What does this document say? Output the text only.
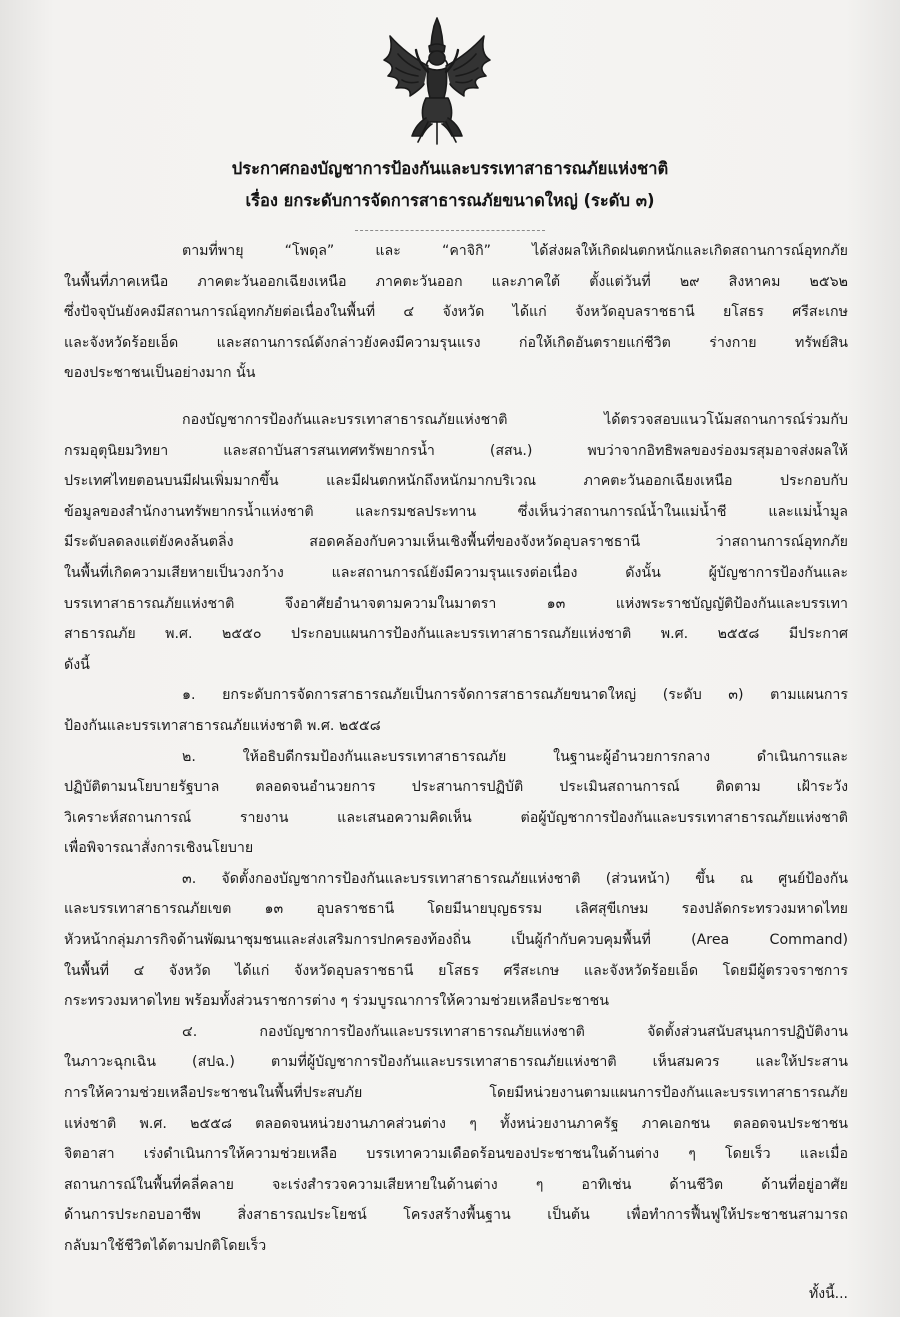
ประกาศกองบัญชาการป้องกันและบรรเทาสาธารณภัยแห่งชาติ
เรื่อง ยกระดับการจัดการสาธารณภัยขนาดใหญ่ (ระดับ ๓)
ตามที่พายุ “โพดุล” และ “คาจิกิ” ได้ส่งผลให้เกิดฝนตกหนักและเกิดสถานการณ์อุทกภัย
ในพื้นที่ภาคเหนือ ภาคตะวันออกเฉียงเหนือ ภาคตะวันออก และภาคใต้ ตั้งแต่วันที่ ๒๙ สิงหาคม ๒๕๖๒
ซึ่งปัจจุบันยังคงมีสถานการณ์อุทกภัยต่อเนื่องในพื้นที่ ๔ จังหวัด ได้แก่ จังหวัดอุบลราชธานี ยโสธร ศรีสะเกษ
และจังหวัดร้อยเอ็ด และสถานการณ์ดังกล่าวยังคงมีความรุนแรง ก่อให้เกิดอันตรายแก่ชีวิต ร่างกาย ทรัพย์สิน
ของประชาชนเป็นอย่างมาก นั้น
กองบัญชาการป้องกันและบรรเทาสาธารณภัยแห่งชาติ ได้ตรวจสอบแนวโน้มสถานการณ์ร่วมกับ
กรมอุตุนิยมวิทยา และสถาบันสารสนเทศทรัพยากรน้ำ (สสน.) พบว่าจากอิทธิพลของร่องมรสุมอาจส่งผลให้
ประเทศไทยตอนบนมีฝนเพิ่มมากขึ้น และมีฝนตกหนักถึงหนักมากบริเวณ ภาคตะวันออกเฉียงเหนือ ประกอบกับ
ข้อมูลของสำนักงานทรัพยากรน้ำแห่งชาติ และกรมชลประทาน ซึ่งเห็นว่าสถานการณ์น้ำในแม่น้ำชี และแม่น้ำมูล
มีระดับลดลงแต่ยังคงล้นตลิ่ง สอดคล้องกับความเห็นเชิงพื้นที่ของจังหวัดอุบลราชธานี ว่าสถานการณ์อุทกภัย
ในพื้นที่เกิดความเสียหายเป็นวงกว้าง และสถานการณ์ยังมีความรุนแรงต่อเนื่อง ดังนั้น ผู้บัญชาการป้องกันและ
บรรเทาสาธารณภัยแห่งชาติ จึงอาศัยอำนาจตามความในมาตรา ๑๓ แห่งพระราชบัญญัติป้องกันและบรรเทา
สาธารณภัย พ.ศ. ๒๕๕๐ ประกอบแผนการป้องกันและบรรเทาสาธารณภัยแห่งชาติ พ.ศ. ๒๕๕๘ มีประกาศ
ดังนี้
๑. ยกระดับการจัดการสาธารณภัยเป็นการจัดการสาธารณภัยขนาดใหญ่ (ระดับ ๓) ตามแผนการ
ป้องกันและบรรเทาสาธารณภัยแห่งชาติ พ.ศ. ๒๕๕๘
๒. ให้อธิบดีกรมป้องกันและบรรเทาสาธารณภัย ในฐานะผู้อำนวยการกลาง ดำเนินการและ
ปฏิบัติตามนโยบายรัฐบาล ตลอดจนอำนวยการ ประสานการปฏิบัติ ประเมินสถานการณ์ ติดตาม เฝ้าระวัง
วิเคราะห์สถานการณ์ รายงาน และเสนอความคิดเห็น ต่อผู้บัญชาการป้องกันและบรรเทาสาธารณภัยแห่งชาติ
เพื่อพิจารณาสั่งการเชิงนโยบาย
๓. จัดตั้งกองบัญชาการป้องกันและบรรเทาสาธารณภัยแห่งชาติ (ส่วนหน้า) ขึ้น ณ ศูนย์ป้องกัน
และบรรเทาสาธารณภัยเขต ๑๓ อุบลราชธานี โดยมีนายบุญธรรม เลิศสุขีเกษม รองปลัดกระทรวงมหาดไทย
หัวหน้ากลุ่มภารกิจด้านพัฒนาชุมชนและส่งเสริมการปกครองท้องถิ่น เป็นผู้กำกับควบคุมพื้นที่ (Area Command)
ในพื้นที่ ๔ จังหวัด ได้แก่ จังหวัดอุบลราชธานี ยโสธร ศรีสะเกษ และจังหวัดร้อยเอ็ด โดยมีผู้ตรวจราชการ
กระทรวงมหาดไทย พร้อมทั้งส่วนราชการต่าง ๆ ร่วมบูรณาการให้ความช่วยเหลือประชาชน
๔. กองบัญชาการป้องกันและบรรเทาสาธารณภัยแห่งชาติ จัดตั้งส่วนสนับสนุนการปฏิบัติงาน
ในภาวะฉุกเฉิน (สปฉ.) ตามที่ผู้บัญชาการป้องกันและบรรเทาสาธารณภัยแห่งชาติ เห็นสมควร และให้ประสาน
การให้ความช่วยเหลือประชาชนในพื้นที่ประสบภัย โดยมีหน่วยงานตามแผนการป้องกันและบรรเทาสาธารณภัย
แห่งชาติ พ.ศ. ๒๕๕๘ ตลอดจนหน่วยงานภาคส่วนต่าง ๆ ทั้งหน่วยงานภาครัฐ ภาคเอกชน ตลอดจนประชาชน
จิตอาสา เร่งดำเนินการให้ความช่วยเหลือ บรรเทาความเดือดร้อนของประชาชนในด้านต่าง ๆ โดยเร็ว และเมื่อ
สถานการณ์ในพื้นที่คลี่คลาย จะเร่งสำรวจความเสียหายในด้านต่าง ๆ อาทิเช่น ด้านชีวิต ด้านที่อยู่อาศัย
ด้านการประกอบอาชีพ สิ่งสาธารณประโยชน์ โครงสร้างพื้นฐาน เป็นต้น เพื่อทำการฟื้นฟูให้ประชาชนสามารถ
กลับมาใช้ชีวิตได้ตามปกติโดยเร็ว
ทั้งนี้...
